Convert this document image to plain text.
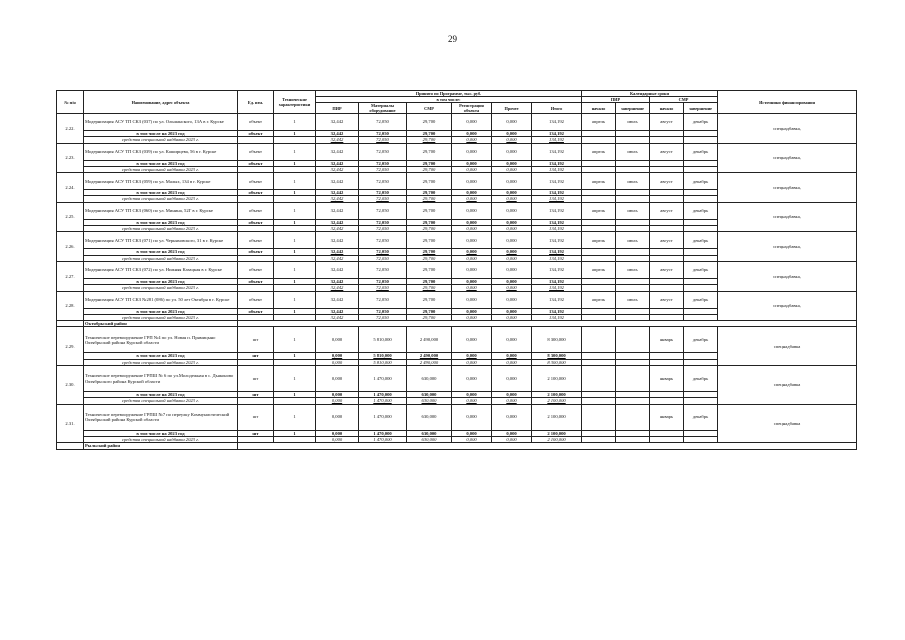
29
№ п/н	Наименование, адрес объекта	Ед. изм.	Технические характеристики	Принято по Программе, тыс. руб.						Календарные сроки				Источники финансирования
				в том числе:						ПИР		СМР		
				ПИР	Материалы оборудование	СМР	Регистрация объекта	Прочее	Итого	начало	завершение	начало	завершение	
2.22.	Модернизация АСУ ТП СКЗ (037) по ул. Ольшанского, 13А в г. Курске	объект	1	32,442	72,050	29,700	0,000	0,000	134,192	апрель	июль	август	декабрь	спецнадбавка,
	в том числе на 2023 год	объект	1	32,442	72,050	29,700	0,000	0,000	134,192					
	средства специальной надбавки 2023 г.			32,442	72,050	29,700	0,000	0,000	134,192					
2.23.	Модернизация АСУ ТП СКЗ (039) по ул. Каширцева, 56 в г. Курске	объект	1	32,442	72,050	29,700	0,000	0,000	134,192	апрель	июль	август	декабрь	спецнадбавка,
	в том числе на 2023 год	объект	1	32,442	72,050	29,700	0,000	0,000	134,192					
	средства специальной надбавки 2023 г.			32,442	72,050	29,700	0,000	0,000	134,192					
2.24.	Модернизация АСУ ТП СКЗ (059) по ул. Малых, 134 в г. Курске	объект	1	32,442	72,050	29,700	0,000	0,000	134,192	апрель	июль	август	декабрь	спецнадбавка,
	в том числе на 2023 год	объект	1	32,442	72,050	29,700	0,000	0,000	134,192					
	средства специальной надбавки 2023 г.			32,442	72,050	29,700	0,000	0,000	134,192					
2.25.	Модернизация АСУ ТП СКЗ (060) по ул. Минина, 52Г в г. Курске	объект	1	32,442	72,050	29,700	0,000	0,000	134,192	апрель	июль	август	декабрь	спецнадбавка,
	в том числе на 2023 год	объект	1	32,442	72,050	29,700	0,000	0,000	134,192					
	средства специальной надбавки 2023 г.			32,442	72,050	29,700	0,000	0,000	134,192					
2.26.	Модернизация АСУ ТП СКЗ (071) по ул. Черняховского, 31 в г. Курске	объект	1	32,442	72,050	29,700	0,000	0,000	134,192	апрель	июль	август	декабрь	спецнадбавка,
	в том числе на 2023 год	объект	1	32,442	72,050	29,700	0,000	0,000	134,192					
	средства специальной надбавки 2023 г.			32,442	72,050	29,700	0,000	0,000	134,192					
2.27.	Модернизация АСУ ТП СКЗ (072) по ул. Нижняя Казацкая в г. Курске	объект	1	32,442	72,050	29,700	0,000	0,000	134,192	апрель	июль	август	декабрь	спецнадбавка,
	в том числе на 2023 год	объект	1	32,442	72,050	29,700	0,000	0,000	134,192					
	средства специальной надбавки 2023 г.			32,442	72,050	29,700	0,000	0,000	134,192					
2.28.	Модернизация АСУ ТП СКЗ №281 (086) по ул. 50 лет Октября в г. Курске	объект	1	32,442	72,050	29,700	0,000	0,000	134,192	апрель	июль	август	декабрь	спецнадбавка,
	в том числе на 2023 год	объект	1	32,442	72,050	29,700	0,000	0,000	134,192					
	средства специальной надбавки 2023 г.			32,442	72,050	29,700	0,000	0,000	134,192					
	Октябрьский район													
2.29.	Техническое перевооружение ГРП №4 по ул. Новая п. Прямицыно Октябрьский района Курской области	шт	1	0,000	5 810,000	2 490,000	0,000	0,000	8 300,000			январь	декабрь	спецнадбавка
	в том числе на 2023 год	шт	1	0,000	5 810,000	2 490,000	0,000	0,000	8 300,000					
	средства специальной надбавки 2023 г.			0,000	5 810,000	2 490,000	0,000	0,000	8 300,000					
2.30.	Техническое перевооружение ГРПШ № 6 по ул.Молодежная в с. Дьяконово Октябрьского района Курской области	шт	1	0,000	1 470,000	630,000	0,000	0,000	2 100,000			январь	декабрь	спецнадбавка
	в том числе на 2023 год	шт	1	0,000	1 470,000	630,000	0,000	0,000	2 100,000					
	средства специальной надбавки 2023 г.			0,000	1 470,000	630,000	0,000	0,000	2 100,000					
2.31.	Техническое перевооружение ГРПШ №7 по переулку Коммунистический Октябрьский района Курской области	шт	1	0,000	1 470,000	630,000	0,000	0,000	2 100,000			январь	декабрь	спецнадбавка
	в том числе на 2023 год	шт	1	0,000	1 470,000	630,000	0,000	0,000	2 100,000					
	средства специальной надбавки 2023 г.			0,000	1 470,000	630,000	0,000	0,000	2 100,000					
	Рыльский район													
